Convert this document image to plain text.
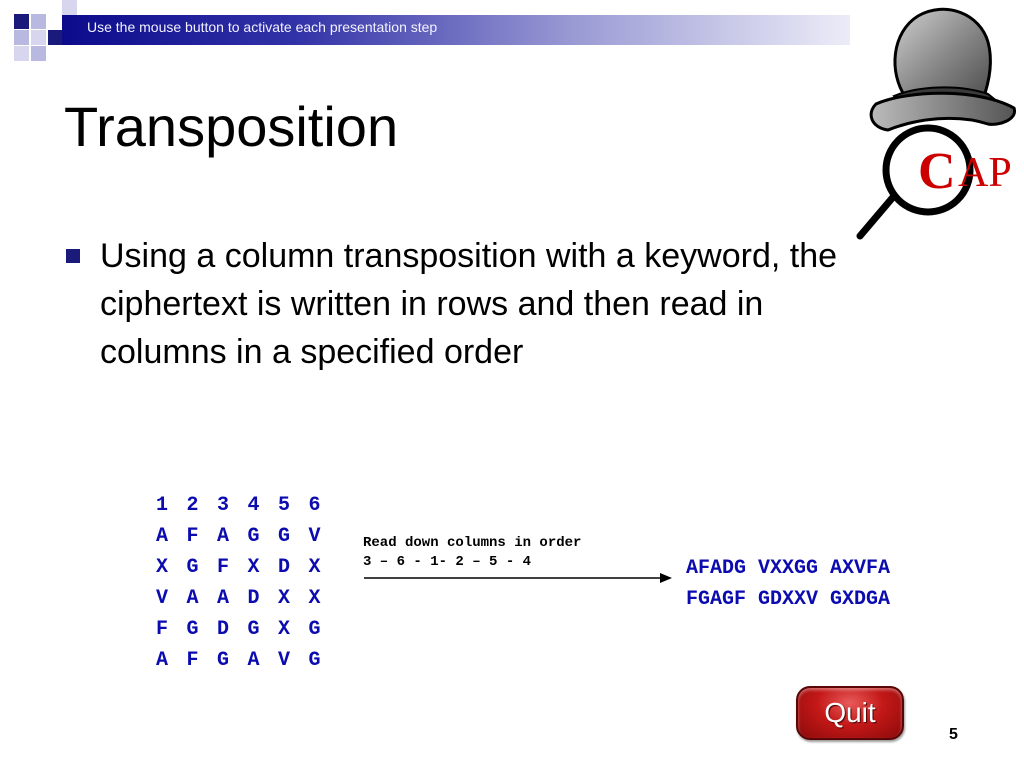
Use the mouse button to activate each presentation step
Transposition
Using a column transposition with a keyword, the ciphertext is written in rows and then read in columns in a specified order
1 2 3 4 5 6
A F A G G V
X G F X D X
V A A D X X
F G D G X G
A F G A V G
Read down columns in order
3 – 6 - 1- 2 – 5 - 4	AFADG VXXGG AXVFA
FGAGF GDXXV GXDGA
C AP
Quit
5
